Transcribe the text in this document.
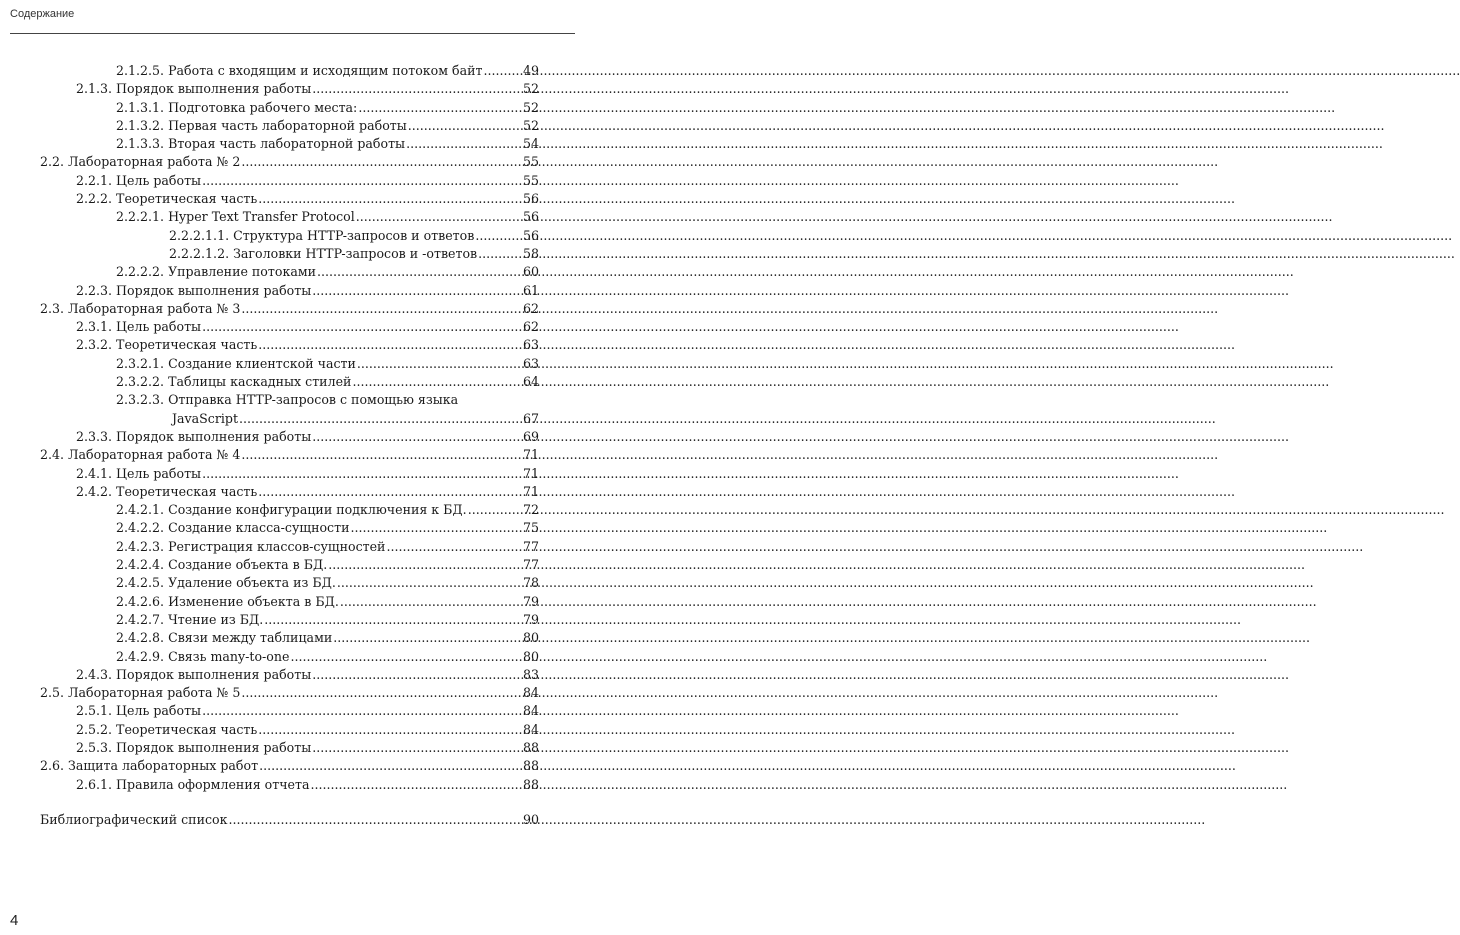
Содержание
2.1.2.5. Работа с входящим и исходящим потоком байт .....	49
2.1.3. Порядок выполнения работы .....	52
2.1.3.1. Подготовка рабочего места: .....	52
2.1.3.2. Первая часть лабораторной работы .....	52
2.1.3.3. Вторая часть лабораторной работы .....	54
2.2. Лабораторная работа № 2 .....	55
2.2.1. Цель работы .....	55
2.2.2. Теоретическая часть .....	56
2.2.2.1. Hyper Text Transfer Protocol .....	56
2.2.2.1.1. Структура HTTP-запросов и ответов .....	56
2.2.2.1.2. Заголовки HTTP-запросов и -ответов .....	58
2.2.2.2. Управление потоками .....	60
2.2.3. Порядок выполнения работы .....	61
2.3. Лабораторная работа № 3 .....	62
2.3.1. Цель работы .....	62
2.3.2. Теоретическая часть .....	63
2.3.2.1. Создание клиентской части .....	63
2.3.2.2. Таблицы каскадных стилей .....	64
2.3.2.3. Отправка HTTP-запросов с помощью языка
JavaScript .....	67
2.3.3. Порядок выполнения работы .....	69
2.4. Лабораторная работа № 4 .....	71
2.4.1. Цель работы .....	71
2.4.2. Теоретическая часть .....	71
2.4.2.1. Создание конфигурации подключения к БД. .....	72
2.4.2.2. Создание класса-сущности .....	75
2.4.2.3. Регистрация классов-сущностей .....	77
2.4.2.4. Создание объекта в БД. .....	77
2.4.2.5. Удаление объекта из БД. .....	78
2.4.2.6. Изменение объекта в БД. .....	79
2.4.2.7. Чтение из БД. .....	79
2.4.2.8. Связи между таблицами .....	80
2.4.2.9. Связь many-to-one .....	80
2.4.3. Порядок выполнения работы .....	83
2.5. Лабораторная работа № 5 .....	84
2.5.1. Цель работы .....	84
2.5.2. Теоретическая часть .....	84
2.5.3. Порядок выполнения работы .....	88
2.6. Защита лабораторных работ .....	88
2.6.1. Правила оформления отчета .....	88
Библиографический список .....	90
4
